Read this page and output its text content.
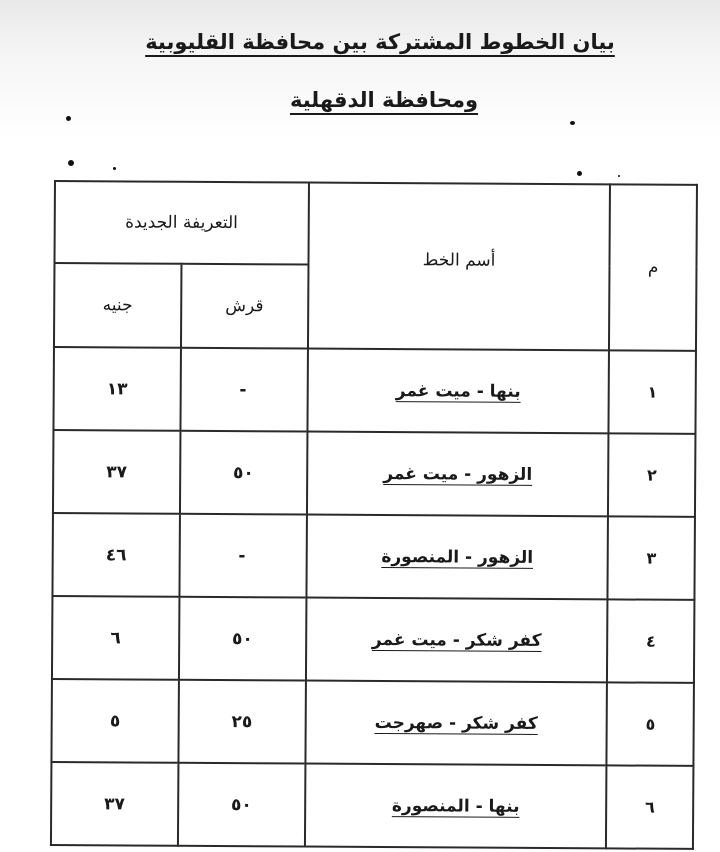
بيان الخطوط المشتركة بين محافظة القليوبية
ومحافظة الدقهلية
م	أسم الخط	التعريفة الجديدة	
		قرش	جنيه
١	بنها - ميت غمر	-	١٣
٢	الزهور - ميت غمر	٥٠	٣٧
٣	الزهور - المنصورة	-	٤٦
٤	كفر شكر - ميت غمر	٥٠	٦
٥	كفر شكر - صهرجت	٢٥	٥
٦	بنها - المنصورة	٥٠	٣٧
